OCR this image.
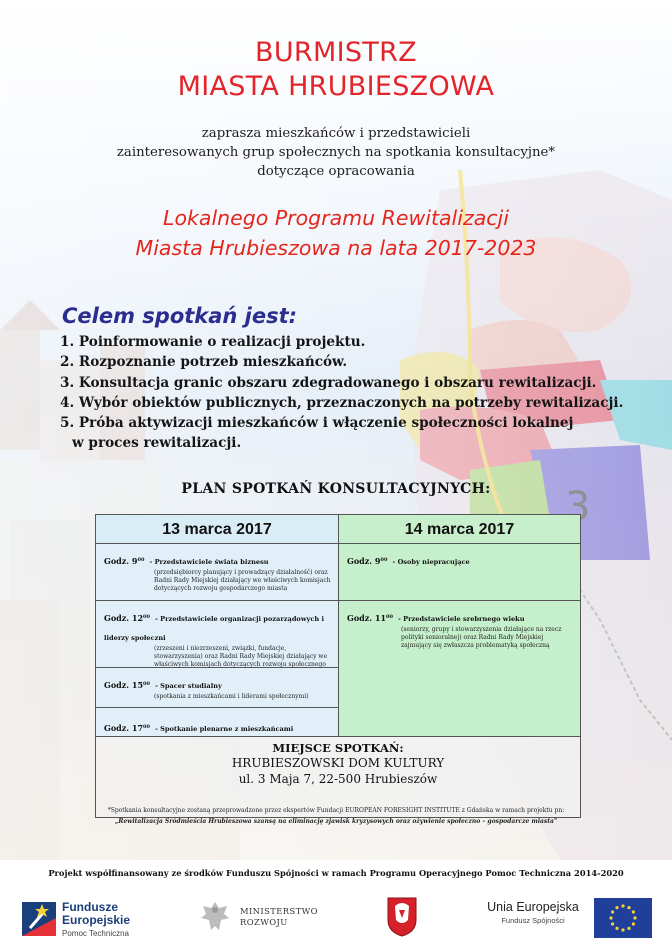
BURMISTRZ
MIASTA HRUBIESZOWA
zaprasza mieszkańców i przedstawicieli
zainteresowanych grup społecznych na spotkania konsultacyjne*
dotyczące opracowania
Lokalnego Programu Rewitalizacji
Miasta Hrubieszowa na lata 2017-2023
Celem spotkań jest:
1. Poinformowanie o realizacji projektu.
2. Rozpoznanie potrzeb mieszkańców.
3. Konsultacja granic obszaru zdegradowanego i obszaru rewitalizacji.
4. Wybór obiektów publicznych, przeznaczonych na potrzeby rewitalizacji.
5. Próba aktywizacji mieszkańców i włączenie społeczności lokalnej
w proces rewitalizacji.
PLAN SPOTKAŃ KONSULTACYJNYCH:
13 marca 2017	14 marca 2017
Godz. $9^{00}$ - Przedstawiciele świata biznesu
(przedsiębiorcy planujący i prowadzący działalność) oraz Radni Rady Miejskiej działający we właściwych komisjach dotyczących rozwoju gospodarczego miasta
Godz. $12^{00}$ - Przedstawiciele organizacji pozarządowych i liderzy społeczni
(zrzeszeni i niezrzeszeni, związki, fundacje, stowarzyszenia) oraz Radni Rady Miejskiej działający we właściwych komisjach dotyczących rozwoju społecznego
Godz. $15^{00}$ - Spacer studialny
(spotkania z mieszkańcami i liderami społecznymi)
Godz. $17^{00}$ - Spotkanie plenarne z mieszkańcami
Godz. $9^{00}$ - Osoby niepracujące
Godz. $11^{00}$ - Przedstawiciele srebrnego wieku
(seniorzy, grupy i stowarzyszenia działające na rzecz polityki senioralnej) oraz Radni Rady Miejskiej zajmujący się zwłaszcza problematyką społeczną
MIEJSCE SPOTKAŃ:
HRUBIESZOWSKI DOM KULTURY
ul. 3 Maja 7, 22-500 Hrubieszów
*Spotkania konsultacyjne zostaną przeprowadzone przez ekspertów Fundacji EUROPEAN FORESIGHT INSTITUTE z Gdańska w ramach projektu pn:
„Rewitalizacja Śródmieścia Hrubieszowa szansą na eliminację zjawisk kryzysowych oraz ożywienie społeczno – gospodarcze miasta"
Projekt współfinansowany ze środków Funduszu Spójności w ramach Programu Operacyjnego Pomoc Techniczna 2014-2020
Fundusze
Europejskie
Pomoc Techniczna
MINISTERSTWO
ROZWOJU
Unia Europejska
Fundusz Spójności
